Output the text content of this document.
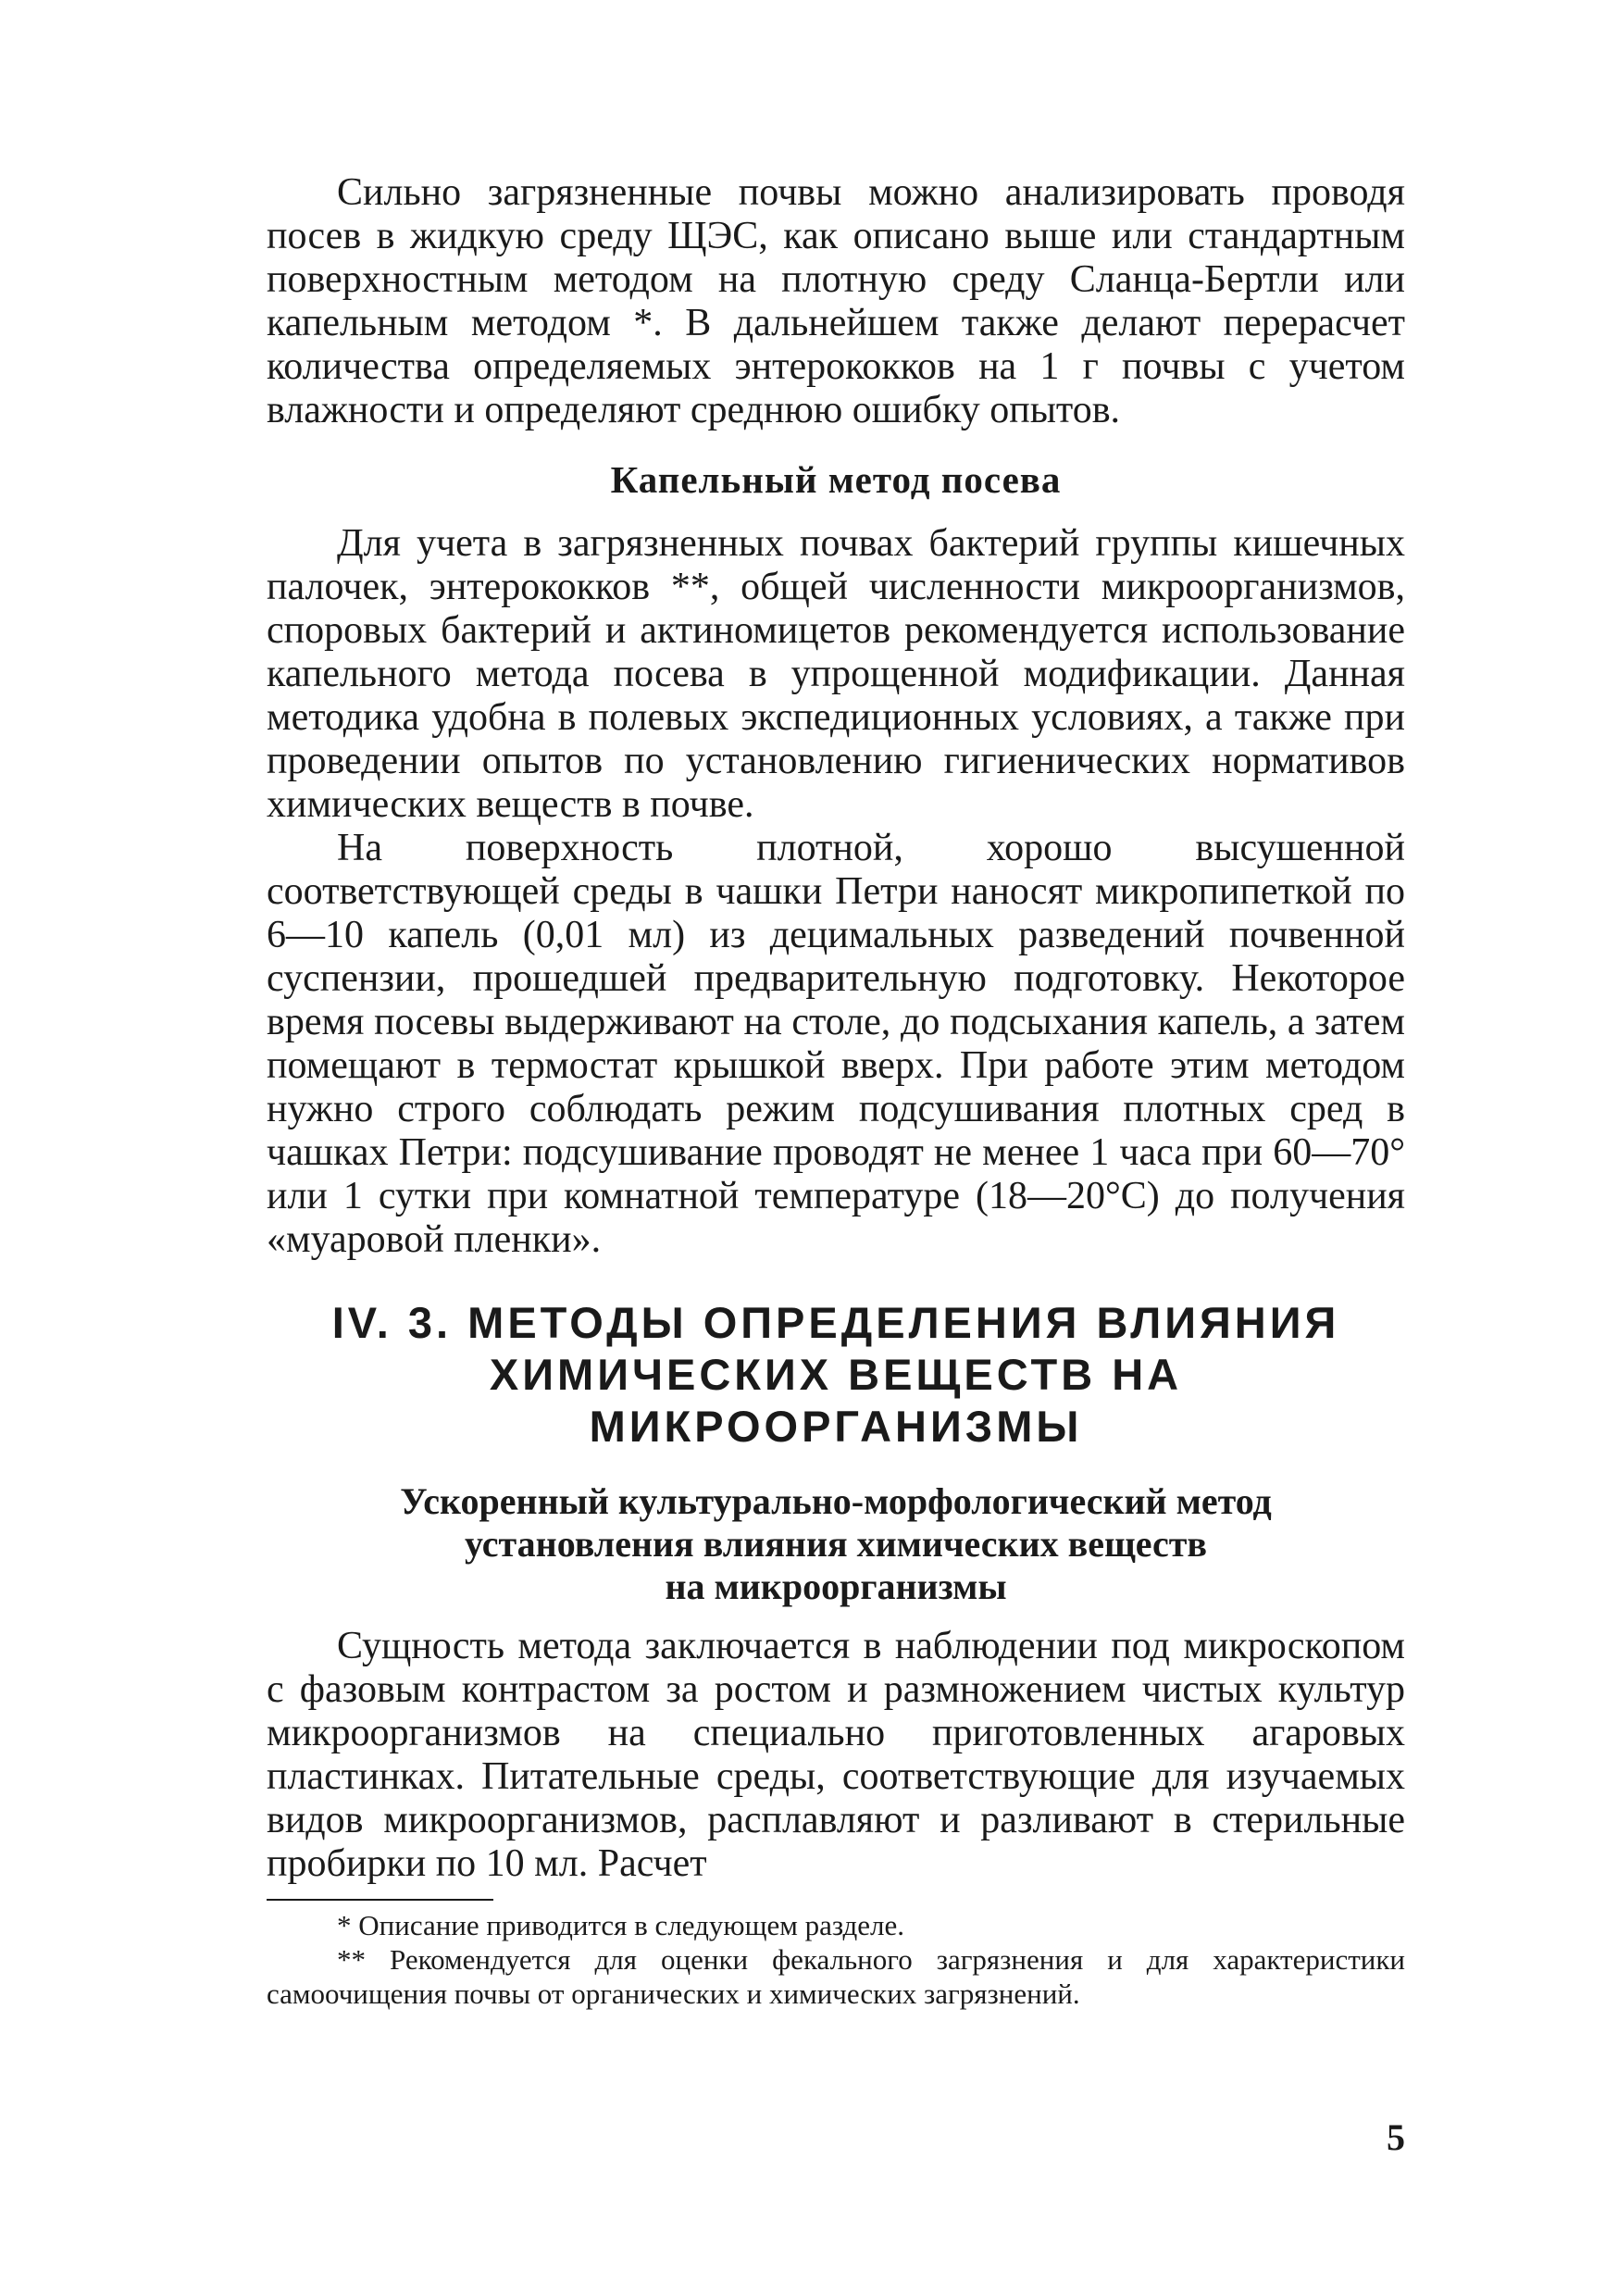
Сильно загрязненные почвы можно анализировать проводя посев в жидкую среду ЩЭС, как описано выше или стандартным поверхностным методом на плотную среду Сланца-Бертли или капельным методом *. В дальнейшем также делают перерасчет количества определяемых энтерококков на 1 г почвы с учетом влажности и определяют среднюю ошибку опытов.

Капельный метод посева

Для учета в загрязненных почвах бактерий группы кишечных палочек, энтерококков **, общей численности микроорганизмов, споровых бактерий и актиномицетов рекомендуется использование капельного метода посева в упрощенной модификации. Данная методика удобна в полевых экспедиционных условиях, а также при проведении опытов по установлению гигиенических нормативов химических веществ в почве.

На поверхность плотной, хорошо высушенной соответствующей среды в чашки Петри наносят микропипеткой по 6—10 капель (0,01 мл) из децимальных разведений почвенной суспензии, прошедшей предварительную подготовку. Некоторое время посевы выдерживают на столе, до подсыхания капель, а затем помещают в термостат крышкой вверх. При работе этим методом нужно строго соблюдать режим подсушивания плотных сред в чашках Петри: подсушивание проводят не менее 1 часа при 60—70° или 1 сутки при комнатной температуре (18—20°С) до получения «муаровой пленки».

IV. 3. МЕТОДЫ ОПРЕДЕЛЕНИЯ ВЛИЯНИЯ

ХИМИЧЕСКИХ ВЕЩЕСТВ НА МИКРООРГАНИЗМЫ

Ускоренный культурально-морфологический метод

установления влияния химических веществ

на микроорганизмы

Сущность метода заключается в наблюдении под микроскопом с фазовым контрастом за ростом и размножением чистых культур микроорганизмов на специально приготовленных агаровых пластинках. Питательные среды, соответствующие для изучаемых видов микроорганизмов, расплавляют и разливают в стерильные пробирки по 10 мл. Расчет

* Описание приводится в следующем разделе.

** Рекомендуется для оценки фекального загрязнения и для характеристики самоочищения почвы от органических и химических загрязнений.

5
